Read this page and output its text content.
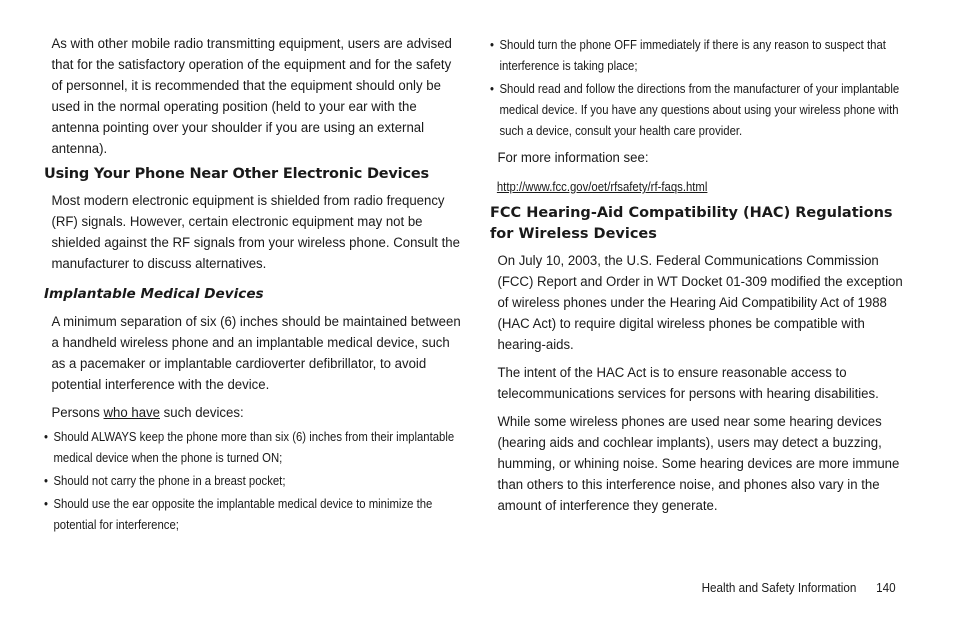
As with other mobile radio transmitting equipment, users are advised that for the satisfactory operation of the equipment and for the safety of personnel, it is recommended that the equipment should only be used in the normal operating position (held to your ear with the antenna pointing over your shoulder if you are using an external antenna).

Using Your Phone Near Other Electronic Devices

Most modern electronic equipment is shielded from radio frequency (RF) signals. However, certain electronic equipment may not be shielded against the RF signals from your wireless phone. Consult the manufacturer to discuss alternatives.

Implantable Medical Devices

A minimum separation of six (6) inches should be maintained between a handheld wireless phone and an implantable medical device, such as a pacemaker or implantable cardioverter defibrillator, to avoid potential interference with the device.

Persons who have such devices:

• Should ALWAYS keep the phone more than six (6) inches from their implantable medical device when the phone is turned ON;
• Should not carry the phone in a breast pocket;
• Should use the ear opposite the implantable medical device to minimize the potential for interference;
• Should turn the phone OFF immediately if there is any reason to suspect that interference is taking place;
• Should read and follow the directions from the manufacturer of your implantable medical device. If you have any questions about using your wireless phone with such a device, consult your health care provider.

For more information see:

http://www.fcc.gov/oet/rfsafety/rf-faqs.html

FCC Hearing-Aid Compatibility (HAC) Regulations for Wireless Devices

On July 10, 2003, the U.S. Federal Communications Commission (FCC) Report and Order in WT Docket 01-309 modified the exception of wireless phones under the Hearing Aid Compatibility Act of 1988 (HAC Act) to require digital wireless phones be compatible with hearing-aids.

The intent of the HAC Act is to ensure reasonable access to telecommunications services for persons with hearing disabilities.

While some wireless phones are used near some hearing devices (hearing aids and cochlear implants), users may detect a buzzing, humming, or whining noise. Some hearing devices are more immune than others to this interference noise, and phones also vary in the amount of interference they generate.

Health and Safety Information 140
